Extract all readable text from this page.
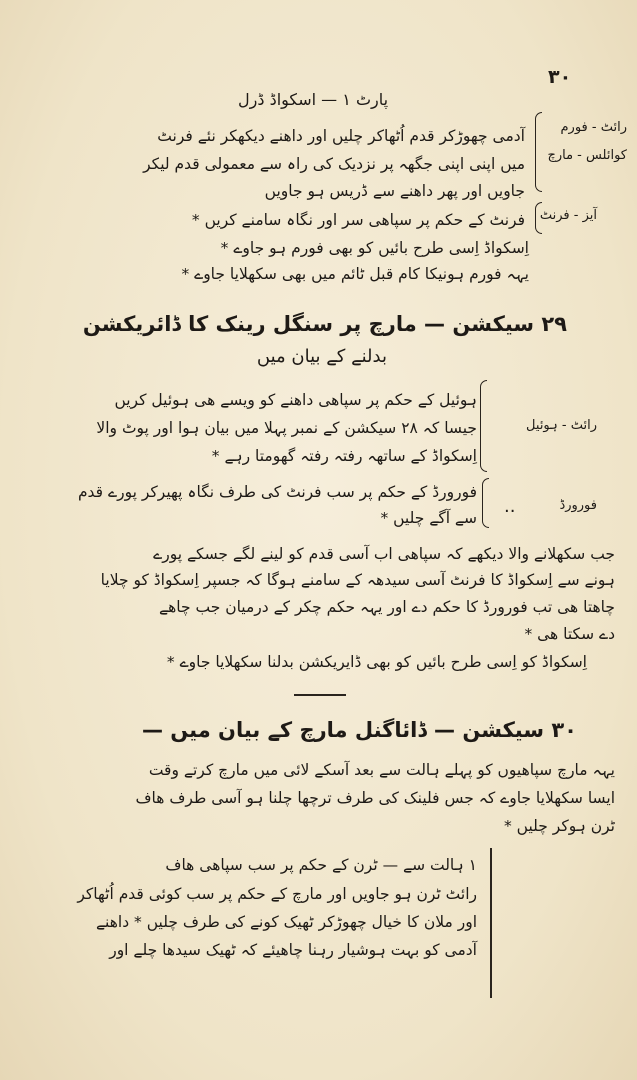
۳۰
پارٹ ۱ — اسکواڈ ڈرل
رائٹ - فورم
کوائلس - مارچ
آدمی چھوڑکر قدم اُٹھاکر چلیں اور داھنے دیکھکر نئے فرنٹ
میں اپنی اپنی جگھہ پر نزدیک کی راہ سے معمولی قدم لیکر
جاویں اور پھر داھنے سے ڈریس ہو جاویں
آیز - فرنٹ
فرنٹ کے حکم پر سپاھی سر اور نگاہ سامنے کریں *
اِسکواڈ اِسی طرح بائیں کو بھی فورم ہو جاوے *
یہہ فورم ہونیکا کام قبل ٹائم میں بھی سکھلایا جاوے *
۲۹ سیکشن — مارچ پر سنگل رینک کا ڈائریکشن
بدلنے کے بیان میں
رائٹ - ہوئیل
ہوئیل کے حکم پر سپاھی داھنے کو ویسے ھی ہوئیل کریں
جیسا کہ ۲۸ سیکشن کے نمبر پہلا میں بیان ہوا اور پوٹ والا
اِسکواڈ کے ساتھہ رفتہ رفتہ گھومتا رہے *
فورورڈ
..
فورورڈ کے حکم پر سب فرنٹ کی طرف نگاہ پھیرکر پورے قدم
سے آگے چلیں *
جب سکھلانے والا دیکھے کہ سپاھی اب آسی قدم کو لینے لگے جسکے پورے
ہونے سے اِسکواڈ کا فرنٹ آسی سیدھہ کے سامنے ہوگا کہ جسپر اِسکواڈ کو چلایا
چاھتا ھی تب فورورڈ کا حکم دے اور یہہ حکم چکر کے درمیان جب چاھے
دے سکتا ھی *
اِسکواڈ کو اِسی طرح بائیں کو بھی ڈایریکشن بدلنا سکھلایا جاوے *
۳۰ سیکشن — ڈائاگنل مارچ کے بیان میں —
یہہ مارچ سپاھیوں کو پہلے ہالت سے بعد آسکے لائی میں مارچ کرتے وقت
ایسا سکھلایا جاوے کہ جس فلینک کی طرف ترچھا چلنا ہو آسی طرف ھاف
ٹرن ہوکر چلیں *
۱ ہالت سے — ٹرن کے حکم پر سب سپاھی ھاف
رائٹ ٹرن ہو جاویں اور مارچ کے حکم پر سب کوئی قدم اُٹھاکر
اور ملان کا خیال چھوڑکر ٹھیک کونے کی طرف چلیں * داھنے
آدمی کو بہت ہوشیار رہنا چاھیئے کہ ٹھیک سیدھا چلے اور
